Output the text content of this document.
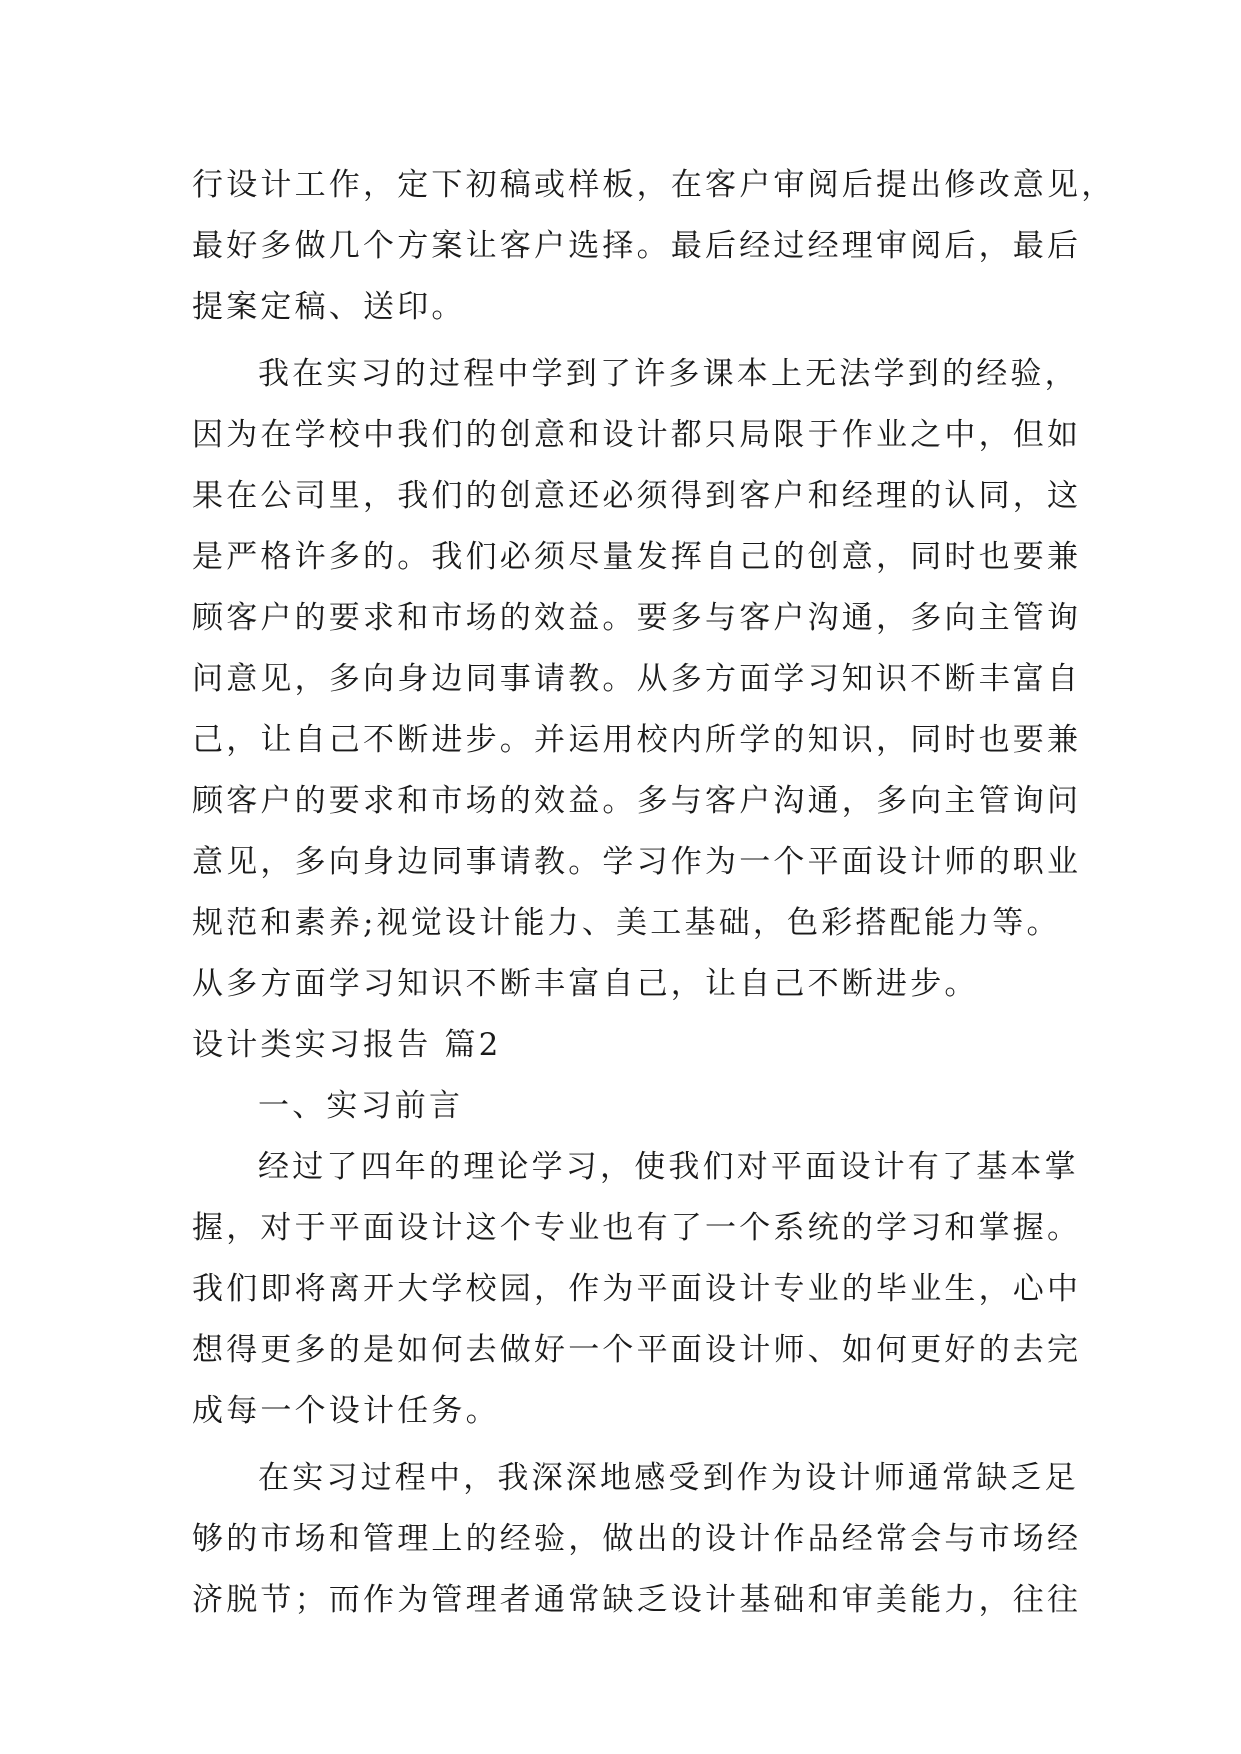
行设计工作，定下初稿或样板，在客户审阅后提出修改意见，
最好多做几个方案让客户选择。最后经过经理审阅后，最后
提案定稿、送印。
我在实习的过程中学到了许多课本上无法学到的经验，
因为在学校中我们的创意和设计都只局限于作业之中，但如
果在公司里，我们的创意还必须得到客户和经理的认同，这
是严格许多的。我们必须尽量发挥自己的创意，同时也要兼
顾客户的要求和市场的效益。要多与客户沟通，多向主管询
问意见，多向身边同事请教。从多方面学习知识不断丰富自
己，让自己不断进步。并运用校内所学的知识，同时也要兼
顾客户的要求和市场的效益。多与客户沟通，多向主管询问
意见，多向身边同事请教。学习作为一个平面设计师的职业
规范和素养;视觉设计能力、美工基础，色彩搭配能力等。
从多方面学习知识不断丰富自己，让自己不断进步。
设计类实习报告 篇2
一、实习前言
经过了四年的理论学习，使我们对平面设计有了基本掌
握，对于平面设计这个专业也有了一个系统的学习和掌握。
我们即将离开大学校园，作为平面设计专业的毕业生，心中
想得更多的是如何去做好一个平面设计师、如何更好的去完
成每一个设计任务。
在实习过程中，我深深地感受到作为设计师通常缺乏足
够的市场和管理上的经验，做出的设计作品经常会与市场经
济脱节；而作为管理者通常缺乏设计基础和审美能力，往往
